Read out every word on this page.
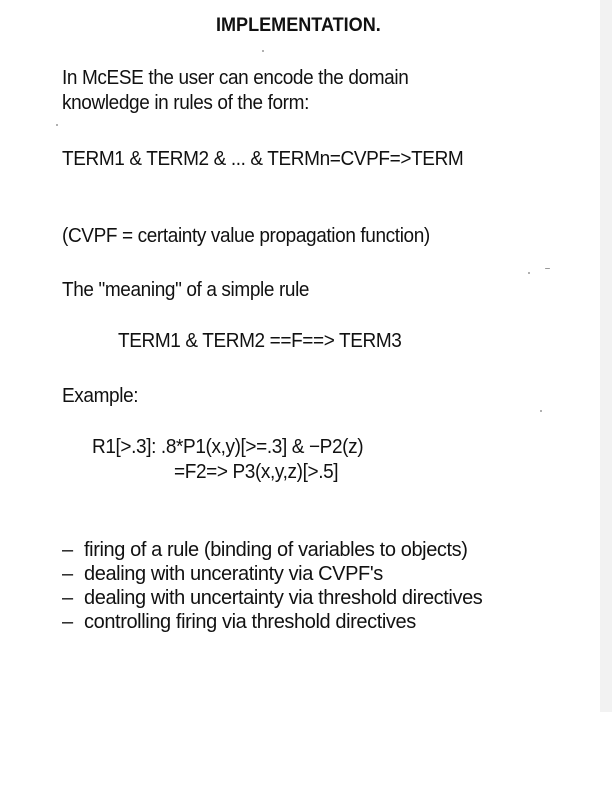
IMPLEMENTATION.
In McESE the user can encode the domain
knowledge in rules of the form:
TERM1 & TERM2 & ... & TERMn=CVPF=>TERM
(CVPF = certainty value propagation function)
The "meaning" of a simple rule
TERM1 & TERM2 ==F==> TERM3
Example:
R1[>.3]: .8*P1(x,y)[>=.3] & −P2(z)
=F2=> P3(x,y,z)[>.5]
– firing of a rule (binding of variables to objects)
– dealing with unceratinty via CVPF's
– dealing with uncertainty via threshold directives
– controlling firing via threshold directives
